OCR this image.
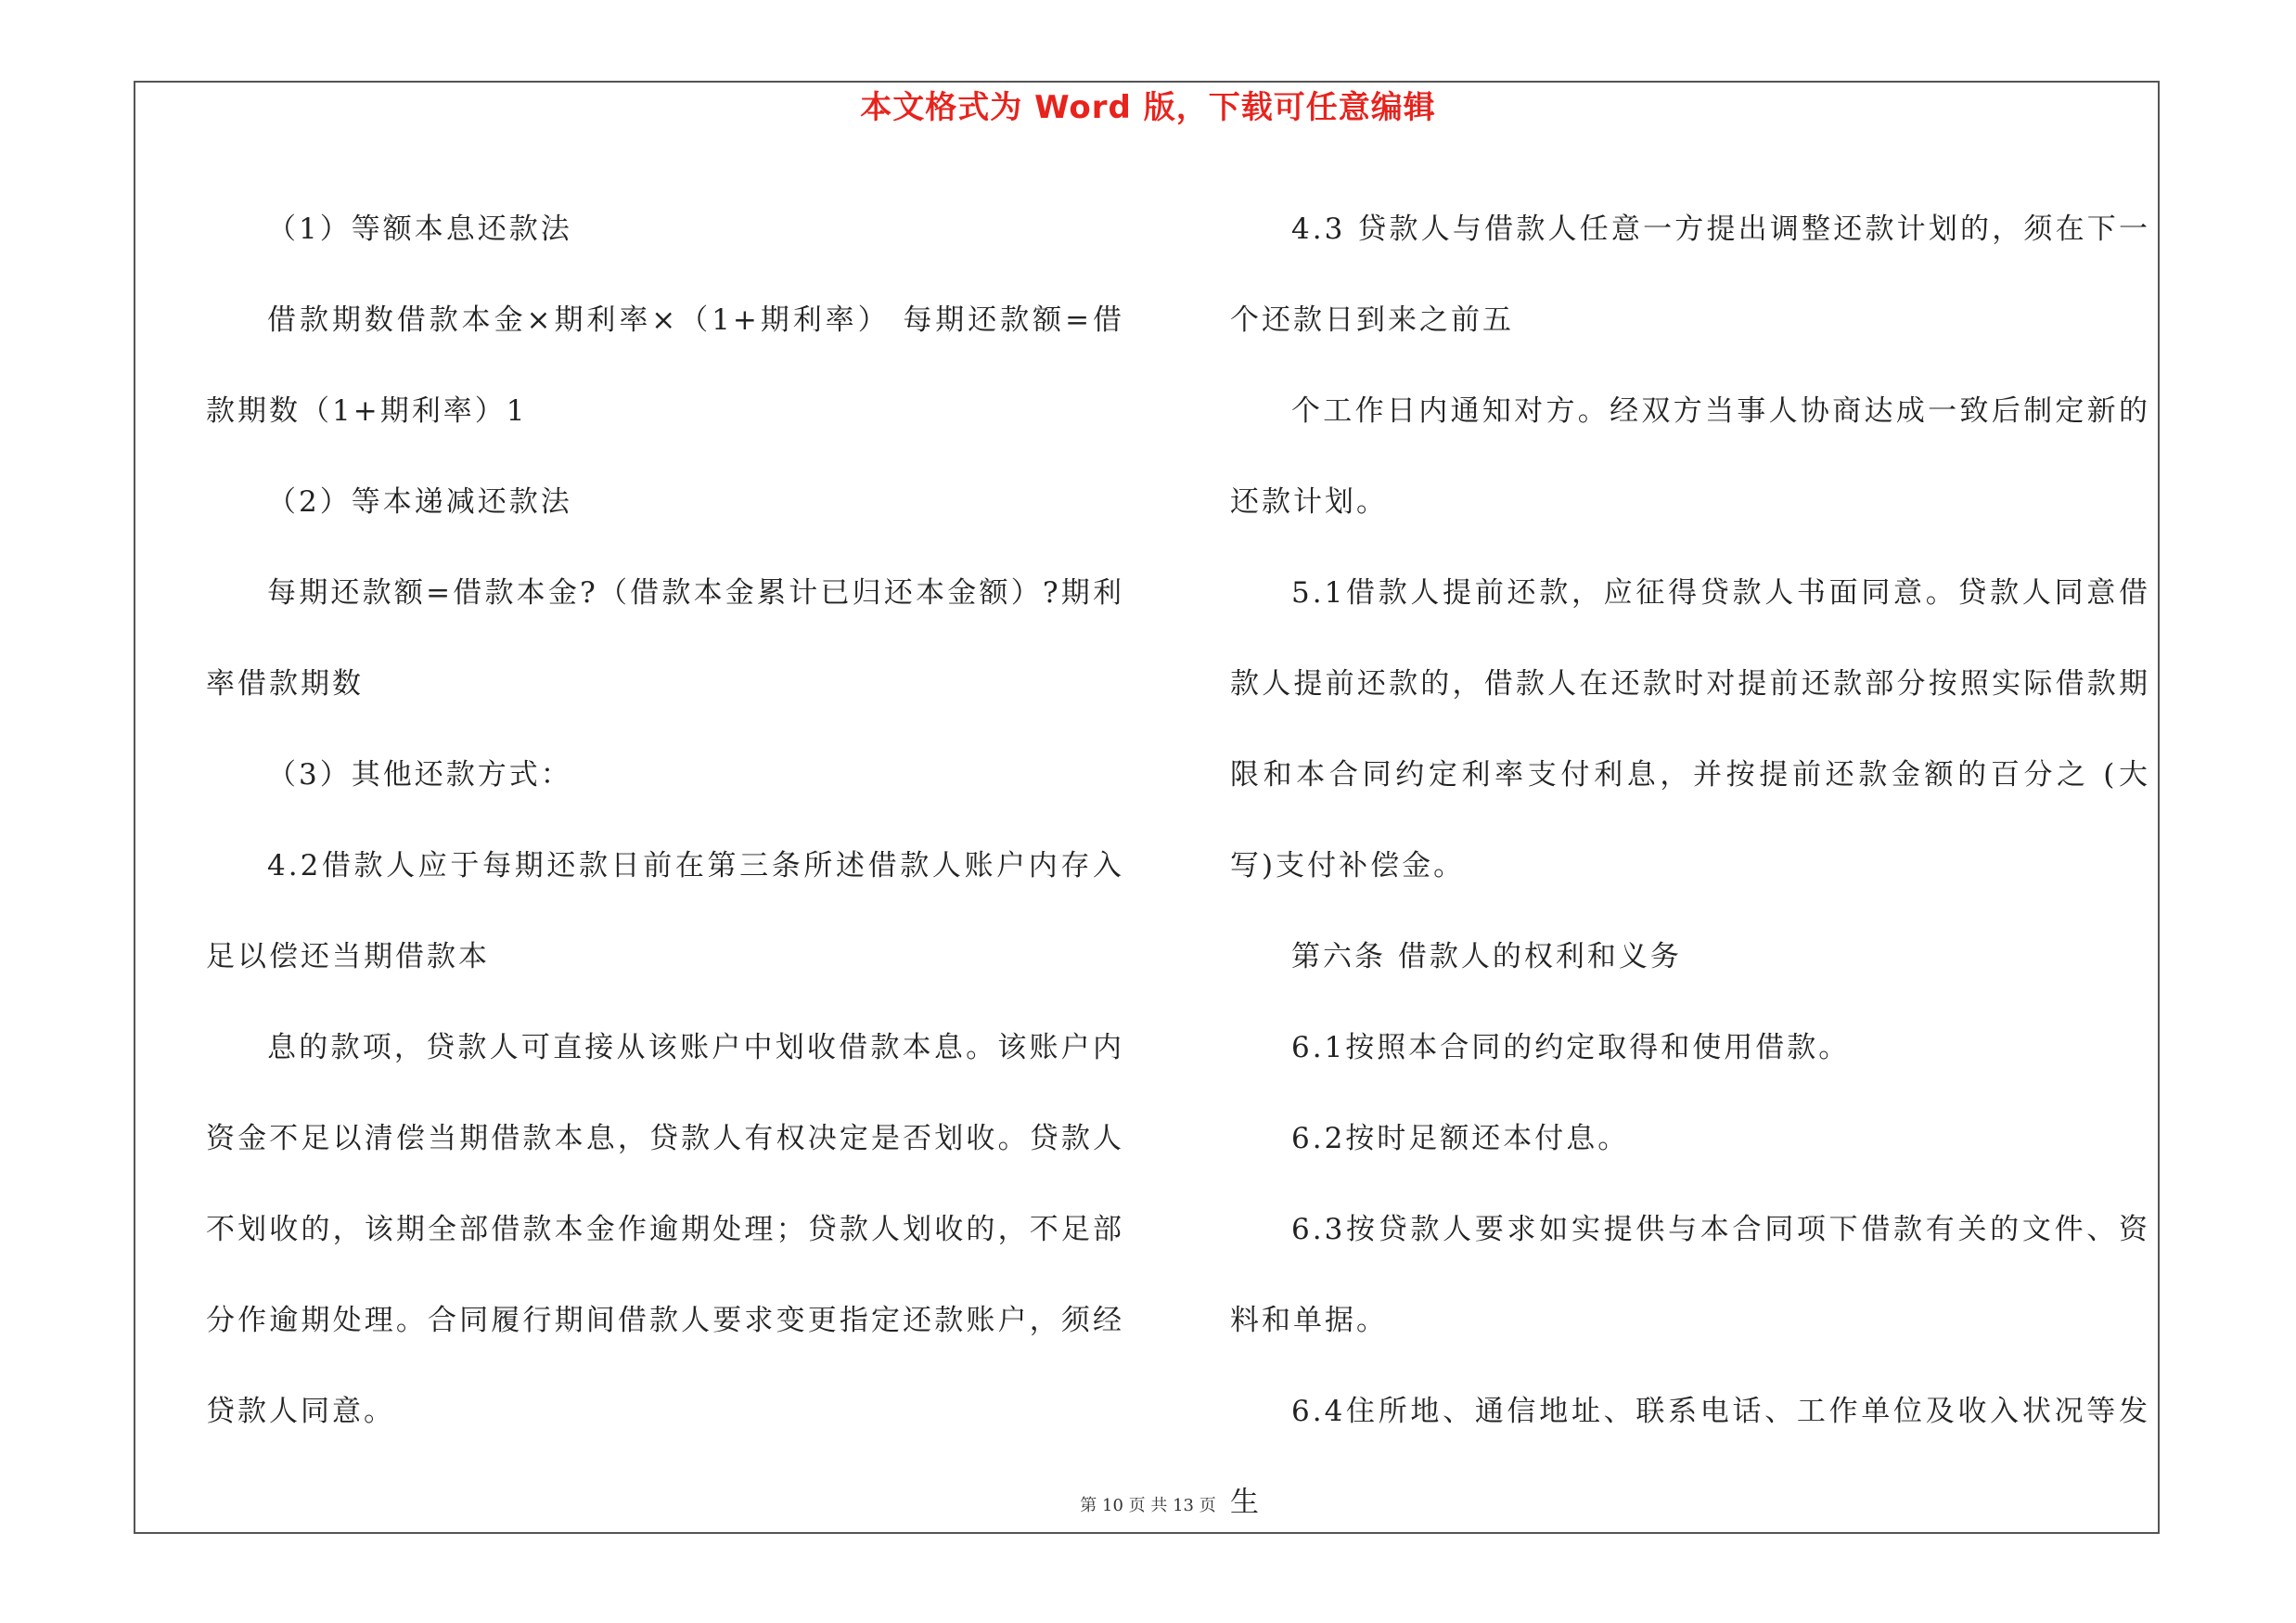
本文格式为 Word 版，下载可任意编辑

（1）等额本息还款法

借款期数借款本金×期利率×（1+期利率） 每期还款额=借款期数（1+期利率）1

（2）等本递减还款法

每期还款额=借款本金?（借款本金累计已归还本金额）?期利率借款期数

（3）其他还款方式：

4.2借款人应于每期还款日前在第三条所述借款人账户内存入足以偿还当期借款本

息的款项，贷款人可直接从该账户中划收借款本息。该账户内资金不足以清偿当期借款本息，贷款人有权决定是否划收。贷款人不划收的，该期全部借款本金作逾期处理；贷款人划收的，不足部分作逾期处理。合同履行期间借款人要求变更指定还款账户，须经贷款人同意。

4.3 贷款人与借款人任意一方提出调整还款计划的，须在下一个还款日到来之前五

个工作日内通知对方。经双方当事人协商达成一致后制定新的还款计划。

5.1借款人提前还款，应征得贷款人书面同意。贷款人同意借款人提前还款的，借款人在还款时对提前还款部分按照实际借款期限和本合同约定利率支付利息，并按提前还款金额的百分之 (大写)支付补偿金。

第六条 借款人的权利和义务

6.1按照本合同的约定取得和使用借款。

6.2按时足额还本付息。

6.3按贷款人要求如实提供与本合同项下借款有关的文件、资料和单据。

6.4住所地、通信地址、联系电话、工作单位及收入状况等发生

第 10 页 共 13 页
